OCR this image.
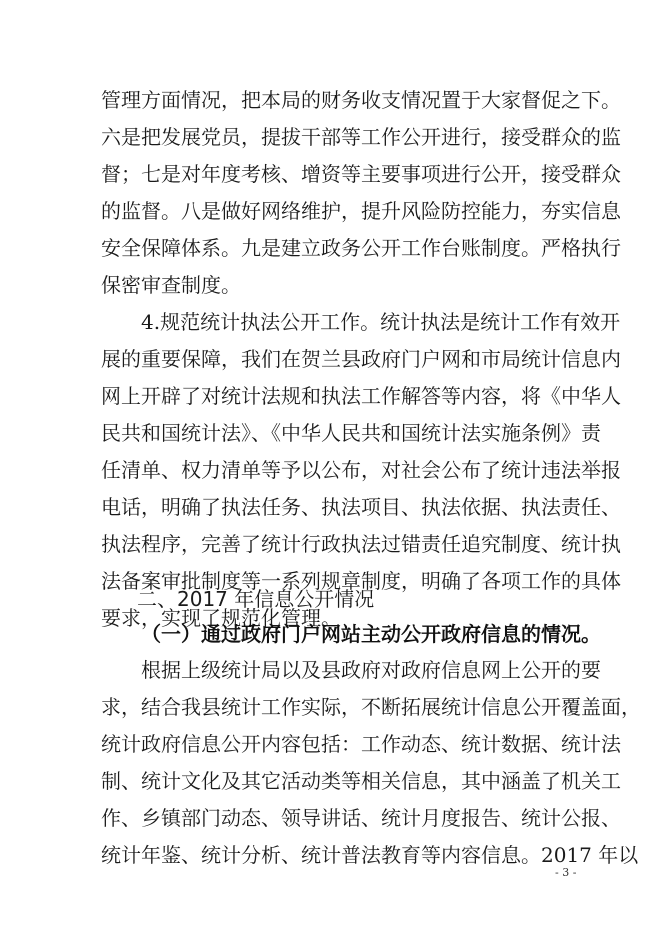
管理方面情况，把本局的财务收支情况置于大家督促之下。
六是把发展党员，提拔干部等工作公开进行，接受群众的监
督；七是对年度考核、增资等主要事项进行公开，接受群众
的监督。八是做好网络维护，提升风险防控能力，夯实信息
安全保障体系。九是建立政务公开工作台账制度。严格执行
保密审查制度。
4.规范统计执法公开工作。统计执法是统计工作有效开
展的重要保障，我们在贺兰县政府门户网和市局统计信息内
网上开辟了对统计法规和执法工作解答等内容，将《中华人
民共和国统计法》、《中华人民共和国统计法实施条例》责
任清单、权力清单等予以公布，对社会公布了统计违法举报
电话，明确了执法任务、执法项目、执法依据、执法责任、
执法程序，完善了统计行政执法过错责任追究制度、统计执
法备案审批制度等一系列规章制度，明确了各项工作的具体
要求，实现了规范化管理。
二、2017 年信息公开情况
（一）通过政府门户网站主动公开政府信息的情况。
根据上级统计局以及县政府对政府信息网上公开的要
求，结合我县统计工作实际，不断拓展统计信息公开覆盖面，
统计政府信息公开内容包括：工作动态、统计数据、统计法
制、统计文化及其它活动类等相关信息，其中涵盖了机关工
作、乡镇部门动态、领导讲话、统计月度报告、统计公报、
统计年鉴、统计分析、统计普法教育等内容信息。2017 年以
- 3 -
